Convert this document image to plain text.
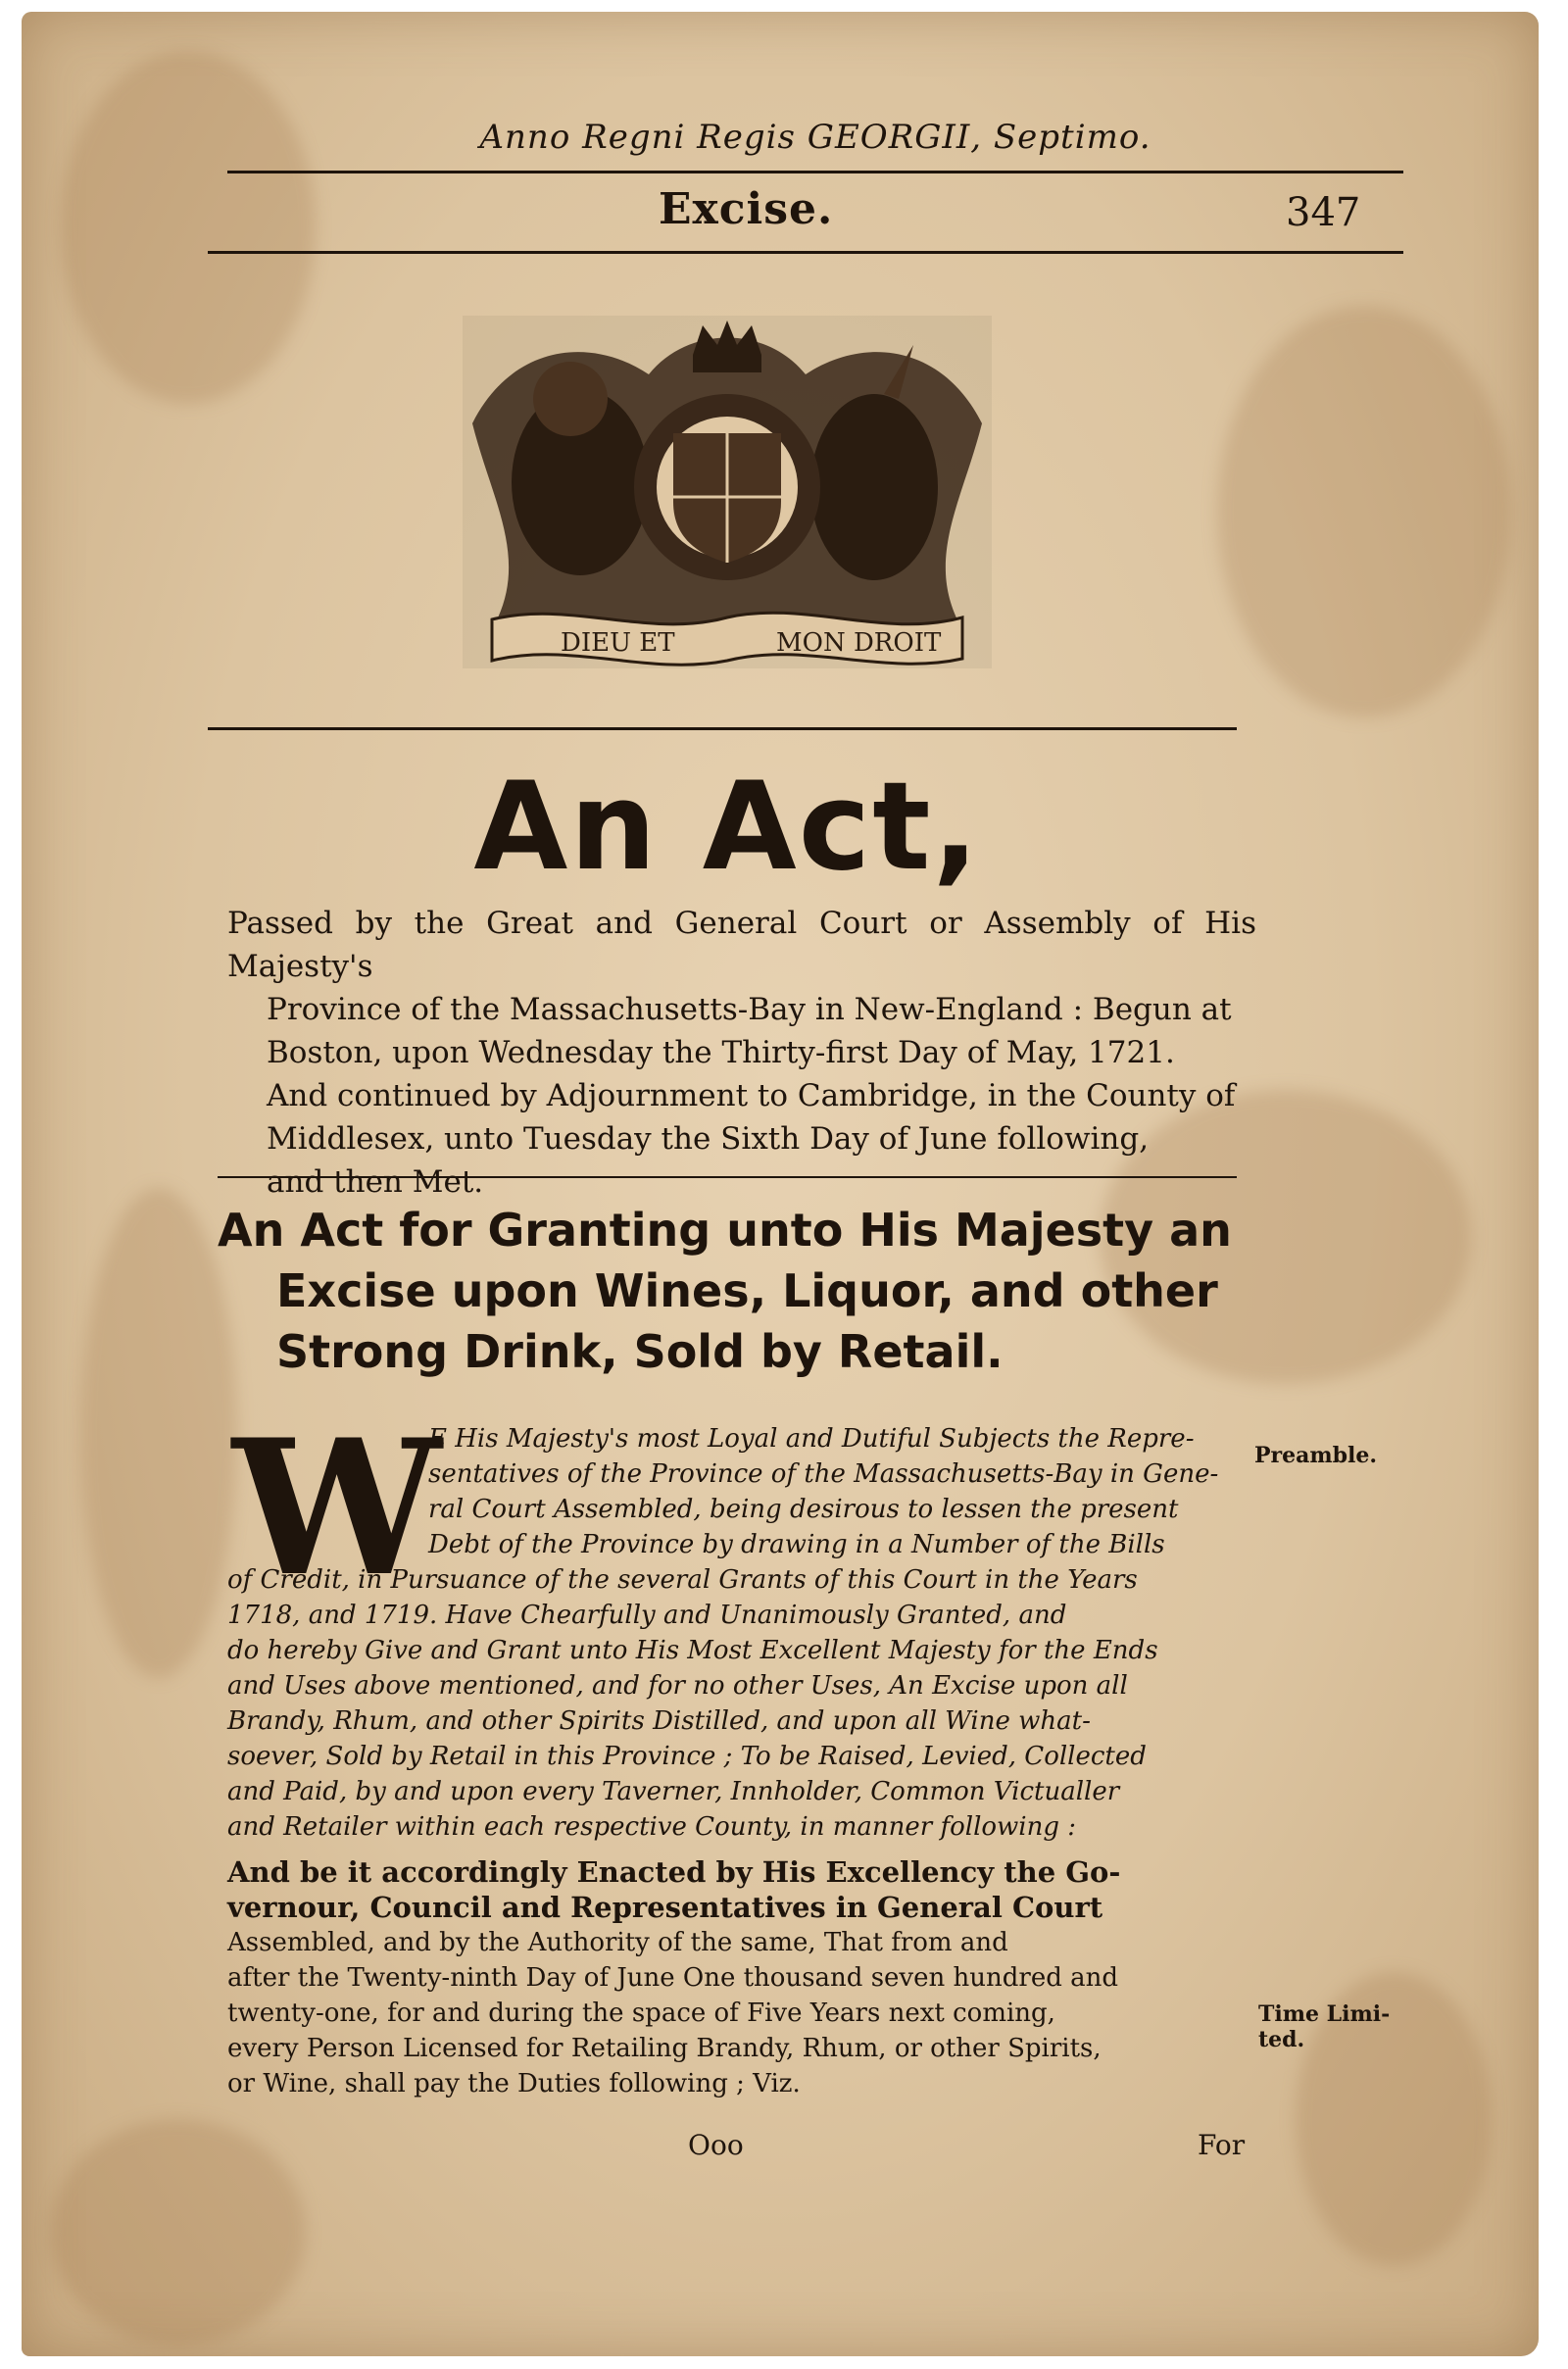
Anno Regni Regis GEORGII, Septimo.
Excise.	347
DIEU ET	MON DROIT
An Act,
Passed by the Great and General Court or Assembly of His Majesty's
Province of the Massachusetts-Bay in New-England : Begun at
Boston, upon Wednesday the Thirty-first Day of May, 1721.
And continued by Adjournment to Cambridge, in the County of
Middlesex, unto Tuesday the Sixth Day of June following,
and then Met.
An Act for Granting unto His Majesty an
Excise upon Wines, Liquor, and other
Strong Drink, Sold by Retail.
W
E His Majesty's most Loyal and Dutiful Subjects the Repre-
sentatives of the Province of the Massachusetts-Bay in Gene-
ral Court Assembled, being desirous to lessen the present
Debt of the Province by drawing in a Number of the Bills
of Credit, in Pursuance of the several Grants of this Court in the Years
1718, and 1719. Have Chearfully and Unanimously Granted, and
do hereby Give and Grant unto His Most Excellent Majesty for the Ends
and Uses above mentioned, and for no other Uses, An Excise upon all
Brandy, Rhum, and other Spirits Distilled, and upon all Wine what-
soever, Sold by Retail in this Province ; To be Raised, Levied, Collected
and Paid, by and upon every Taverner, Innholder, Common Victualler
and Retailer within each respective County, in manner following :
And be it accordingly Enacted by His Excellency the Go-
vernour, Council and Representatives in General Court
Assembled, and by the Authority of the same, That from and
after the Twenty-ninth Day of June One thousand seven hundred and
twenty-one, for and during the space of Five Years next coming,
every Person Licensed for Retailing Brandy, Rhum, or other Spirits,
or Wine, shall pay the Duties following ; Viz.
Preamble.
Time Limi-
ted.
Ooo	For
